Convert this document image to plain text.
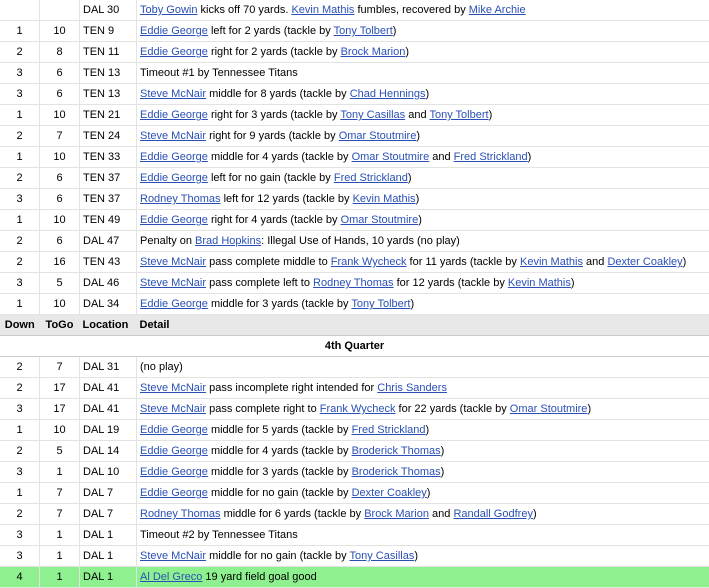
		DAL 30	Toby Gowin kicks off 70 yards. Kevin Mathis fumbles, recovered by Mike Archie
1	10	TEN 9	Eddie George left for 2 yards (tackle by Tony Tolbert)
2	8	TEN 11	Eddie George right for 2 yards (tackle by Brock Marion)
3	6	TEN 13	Timeout #1 by Tennessee Titans
3	6	TEN 13	Steve McNair middle for 8 yards (tackle by Chad Hennings)
1	10	TEN 21	Eddie George right for 3 yards (tackle by Tony Casillas and Tony Tolbert)
2	7	TEN 24	Steve McNair right for 9 yards (tackle by Omar Stoutmire)
1	10	TEN 33	Eddie George middle for 4 yards (tackle by Omar Stoutmire and Fred Strickland)
2	6	TEN 37	Eddie George left for no gain (tackle by Fred Strickland)
3	6	TEN 37	Rodney Thomas left for 12 yards (tackle by Kevin Mathis)
1	10	TEN 49	Eddie George right for 4 yards (tackle by Omar Stoutmire)
2	6	DAL 47	Penalty on Brad Hopkins: Illegal Use of Hands, 10 yards (no play)
2	16	TEN 43	Steve McNair pass complete middle to Frank Wycheck for 11 yards (tackle by Kevin Mathis and Dexter Coakley)
3	5	DAL 46	Steve McNair pass complete left to Rodney Thomas for 12 yards (tackle by Kevin Mathis)
1	10	DAL 34	Eddie George middle for 3 yards (tackle by Tony Tolbert)
Down	ToGo	Location	Detail
4th Quarter			
2	7	DAL 31	(no play)
2	17	DAL 41	Steve McNair pass incomplete right intended for Chris Sanders
3	17	DAL 41	Steve McNair pass complete right to Frank Wycheck for 22 yards (tackle by Omar Stoutmire)
1	10	DAL 19	Eddie George middle for 5 yards (tackle by Fred Strickland)
2	5	DAL 14	Eddie George middle for 4 yards (tackle by Broderick Thomas)
3	1	DAL 10	Eddie George middle for 3 yards (tackle by Broderick Thomas)
1	7	DAL 7	Eddie George middle for no gain (tackle by Dexter Coakley)
2	7	DAL 7	Rodney Thomas middle for 6 yards (tackle by Brock Marion and Randall Godfrey)
3	1	DAL 1	Timeout #2 by Tennessee Titans
3	1	DAL 1	Steve McNair middle for no gain (tackle by Tony Casillas)
4	1	DAL 1	Al Del Greco 19 yard field goal good
